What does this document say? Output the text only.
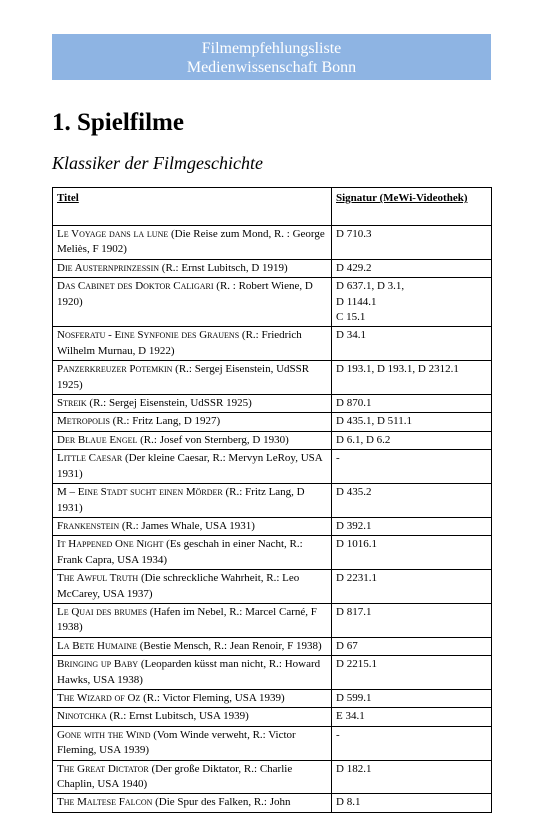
Filmempfehlungsliste
Medienwissenschaft Bonn
1. Spielfilme
Klassiker der Filmgeschichte
Titel	Signatur (MeWi-Videothek)
Le Voyage dans la lune (Die Reise zum Mond, R. : George Meliès, F 1902)	D 710.3

Die Austernprinzessin (R.: Ernst Lubitsch, D 1919)	D 429.2

Das Cabinet des Doktor Caligari (R. : Robert Wiene, D 1920)	D 637.1, D 3.1,
D 1144.1
C 15.1

Nosferatu - Eine Synfonie des Grauens (R.: Friedrich Wilhelm Murnau, D 1922)	D 34.1

Panzerkreuzer Potemkin (R.: Sergej Eisenstein, UdSSR 1925)	D 193.1, D 193.1, D 2312.1

Streik (R.: Sergej Eisenstein, UdSSR 1925)	D 870.1

Metropolis (R.: Fritz Lang, D 1927)	D 435.1, D 511.1

Der Blaue Engel (R.: Josef von Sternberg, D 1930)	D 6.1, D 6.2

Little Caesar (Der kleine Caesar, R.: Mervyn LeRoy, USA 1931)	-

M – Eine Stadt sucht einen Mörder (R.: Fritz Lang, D 1931)	D 435.2

Frankenstein (R.: James Whale, USA 1931)	D 392.1

It Happened One Night (Es geschah in einer Nacht, R.: Frank Capra, USA 1934)	D 1016.1

The Awful Truth (Die schreckliche Wahrheit, R.: Leo McCarey, USA 1937)	D 2231.1

Le Quai des brumes (Hafen im Nebel, R.: Marcel Carné, F 1938)	D 817.1

La Bete Humaine (Bestie Mensch, R.: Jean Renoir, F 1938)	D 67

Bringing up Baby (Leoparden küsst man nicht, R.: Howard Hawks, USA 1938)	D 2215.1

The Wizard of Oz (R.: Victor Fleming, USA 1939)	D 599.1

Ninotchka (R.: Ernst Lubitsch, USA 1939)	E 34.1

Gone with the Wind (Vom Winde verweht, R.: Victor Fleming, USA 1939)	-

The Great Dictator (Der große Diktator, R.: Charlie Chaplin, USA 1940)	D 182.1

The Maltese Falcon (Die Spur des Falken, R.: John	D 8.1
